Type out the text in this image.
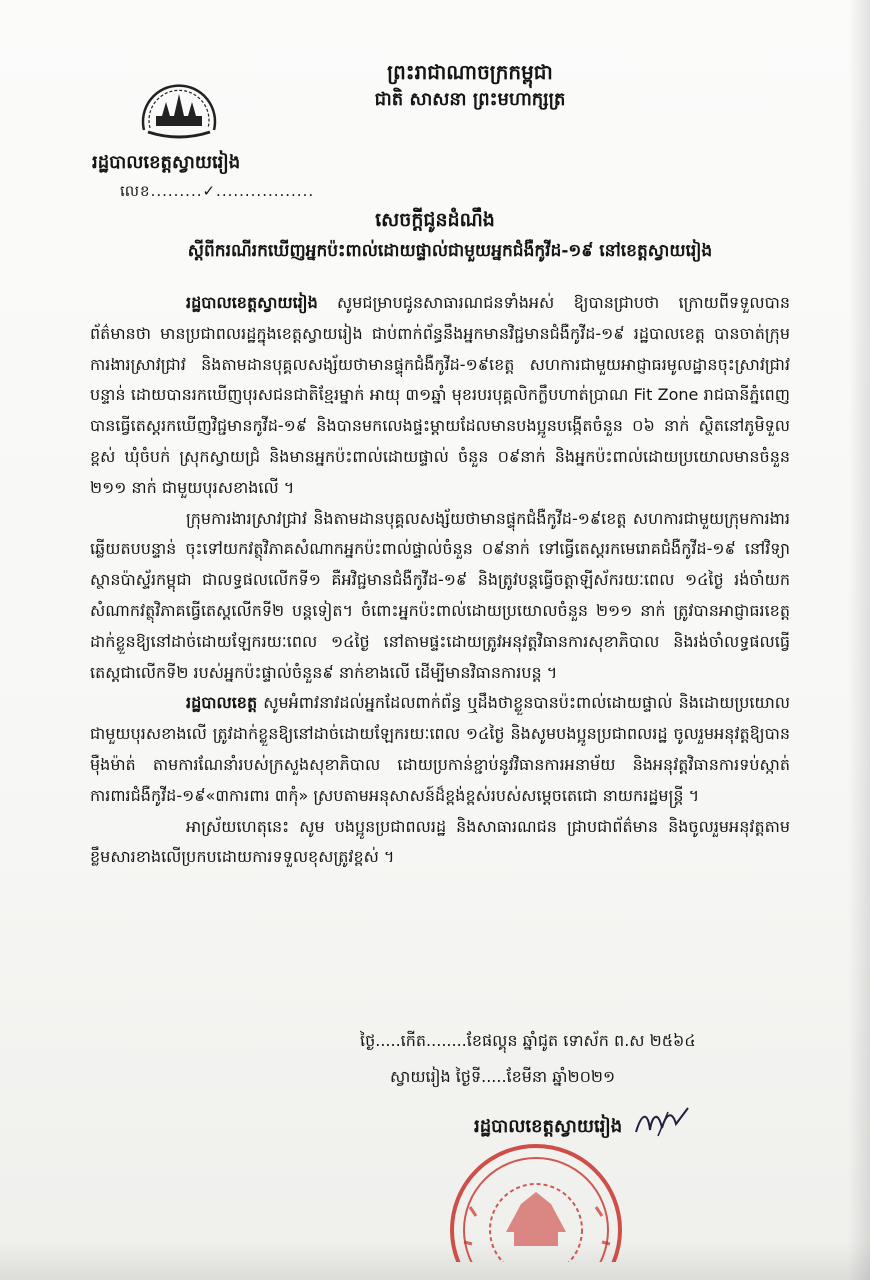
ព្រះរាជាណាចក្រកម្ពុជា
ជាតិ សាសនា ព្រះមហាក្សត្រ
រដ្ឋបាលខេត្តស្វាយរៀង
លេខ.........✓.................
សេចក្តីជូនដំណឹង
ស្តីពីករណីរកឃើញអ្នកប៉ះពាល់ដោយផ្ទាល់ជាមួយអ្នកជំងឺកូវីដ-១៩ នៅខេត្តស្វាយរៀង

រដ្ឋបាលខេត្តស្វាយរៀង សូមជម្រាបជូនសាធារណជនទាំងអស់ ឱ្យបានជ្រាបថា ក្រោយពីទទួលបានព័ត៌មានថា មានប្រជាពលរដ្ឋក្នុងខេត្តស្វាយរៀង ជាប់ពាក់ព័ន្ធនឹងអ្នកមានវិជ្ជមានជំងឺកូវីដ-១៩ រដ្ឋបាលខេត្ត បានចាត់ក្រុមការងារស្រាវជ្រាវ និងតាមដានបុគ្គលសង្ស័យថាមានផ្ទុកជំងឺកូវីដ-១៩ខេត្ត សហការជាមួយអាជ្ញាធរមូលដ្ឋានចុះស្រាវជ្រាវបន្ទាន់ ដោយបានរកឃើញបុរសជនជាតិខ្មែរម្នាក់ អាយុ ៣១ឆ្នាំ មុខរបរបុគ្គលិកក្លឹបហាត់ប្រាណ Fit Zone រាជធានីភ្នំពេញ បានធ្វើតេស្តរកឃើញវិជ្ជមានកូវីដ-១៩ និងបានមកលេងផ្ទះម្តាយដែលមានបងប្អូនបង្កើតចំនួន ០៦ នាក់ ស្ថិតនៅភូមិទួលខ្ពស់ ឃុំចំបក់ ស្រុកស្វាយជ្រំ និងមានអ្នកប៉ះពាល់ដោយផ្ទាល់ ចំនួន ០៩នាក់ និងអ្នកប៉ះពាល់ដោយប្រយោលមានចំនួន ២១១ នាក់ ជាមួយបុរសខាងលើ ។

ក្រុមការងារស្រាវជ្រាវ និងតាមដានបុគ្គលសង្ស័យថាមានផ្ទុកជំងឺកូវីដ-១៩ខេត្ត សហការជាមួយក្រុមការងារឆ្លើយតបបន្ទាន់ ចុះទៅយកវត្ថុវិភាគសំណាកអ្នកប៉ះពាល់ផ្ទាល់ចំនួន ០៩នាក់ ទៅធ្វើតេស្តរកមេរោគជំងឺកូវីដ-១៩ នៅវិទ្យាស្ថានប៉ាស្ទ័រកម្ពុជា ជាលទ្ធផលលើកទី១ គឺអវិជ្ជមានជំងឺកូវីដ-១៩ និងត្រូវបន្តធ្វើចត្តាឡីស័ករយៈពេល ១៤ថ្ងៃ រង់ចាំយកសំណាកវត្ថុវិភាគធ្វើតេស្តលើកទី២ បន្តទៀត។ ចំពោះអ្នកប៉ះពាល់ដោយប្រយោលចំនួន ២១១ នាក់ ត្រូវបានអាជ្ញាធរខេត្ត ដាក់ខ្លួនឱ្យនៅដាច់ដោយឡែករយៈពេល ១៤ថ្ងៃ នៅតាមផ្ទះដោយត្រូវអនុវត្តវិធានការសុខាភិបាល និងរង់ចាំលទ្ធផលធ្វើតេស្តជាលើកទី២ របស់អ្នកប៉ះផ្ទាល់ចំនួន៩ នាក់ខាងលើ ដើម្បីមានវិធានការបន្ត ។

រដ្ឋបាលខេត្ត សូមអំពាវនាវដល់អ្នកដែលពាក់ព័ន្ធ ឬដឹងថាខ្លួនបានប៉ះពាល់ដោយផ្ទាល់ និងដោយប្រយោលជាមួយបុរសខាងលើ ត្រូវដាក់ខ្លួនឱ្យនៅដាច់ដោយឡែករយៈពេល ១៤ថ្ងៃ និងសូមបងប្អូនប្រជាពលរដ្ឋ ចូលរួមអនុវត្តឱ្យបានម៉ឺងម៉ាត់ តាមការណែនាំរបស់ក្រសួងសុខាភិបាល ដោយប្រកាន់ខ្ជាប់នូវវិធានការអនាម័យ និងអនុវត្តវិធានការទប់ស្កាត់ការពារជំងឺកូវីដ-១៩«៣ការពារ ៣កុំ» ស្របតាមអនុសាសន៍ដ៏ខ្ពង់ខ្ពស់របស់សម្តេចតេជោ នាយករដ្ឋមន្ត្រី ។

អាស្រ័យហេតុនេះ សូម បងប្អូនប្រជាពលរដ្ឋ និងសាធារណជន ជ្រាបជាព័ត៌មាន និងចូលរួមអនុវត្តតាមខ្លឹមសារខាងលើប្រកបដោយការទទួលខុសត្រូវខ្ពស់ ។

ថ្ងៃ.....កើត........ខែផល្គុន ឆ្នាំជូត ទោស័ក ព.ស ២៥៦៤
ស្វាយរៀង ថ្ងៃទី.....ខែមីនា ឆ្នាំ២០២១
រដ្ឋបាលខេត្តស្វាយរៀង
